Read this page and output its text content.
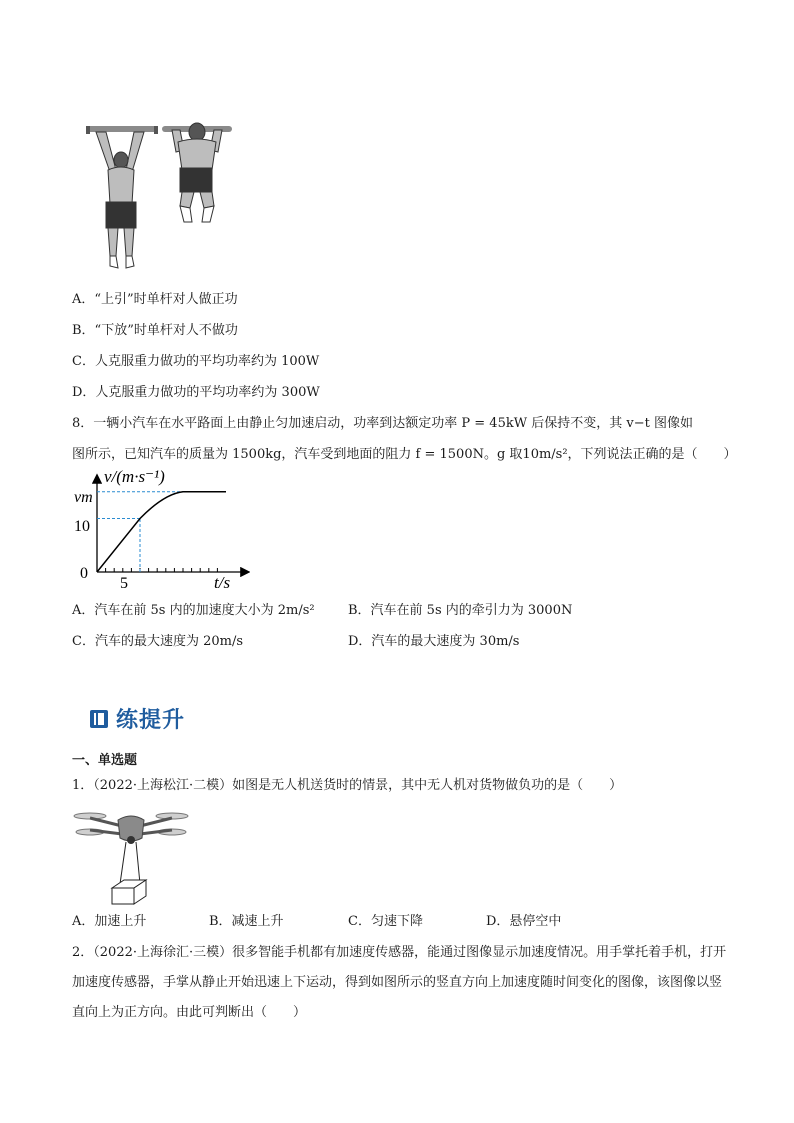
A．“上引”时单杆对人做正功
B．“下放”时单杆对人不做功
C．人克服重力做功的平均功率约为 100W
D．人克服重力做功的平均功率约为 300W
8．一辆小汽车在水平路面上由静止匀加速启动，功率到达额定功率 P = 45kW 后保持不变，其 v−t 图像如
图所示，已知汽车的质量为 1500kg，汽车受到地面的阻力 f = 1500N。g 取10m/s²，下列说法正确的是（　　）
v/(m·s⁻¹)
vm
10
0
5	t/s
A．汽车在前 5s 内的加速度大小为 2m/s²	B．汽车在前 5s 内的牵引力为 3000N
C．汽车的最大速度为 20m/s	D．汽车的最大速度为 30m/s
练提升
一、单选题
1．（2022·上海松江·二模）如图是无人机送货时的情景，其中无人机对货物做负功的是（　　）
A．加速上升	B．减速上升	C．匀速下降	D．悬停空中
2．（2022·上海徐汇·三模）很多智能手机都有加速度传感器，能通过图像显示加速度情况。用手掌托着手机，打开加速度传感器，手掌从静止开始迅速上下运动，得到如图所示的竖直方向上加速度随时间变化的图像，该图像以竖直向上为正方向。由此可判断出（　　）
